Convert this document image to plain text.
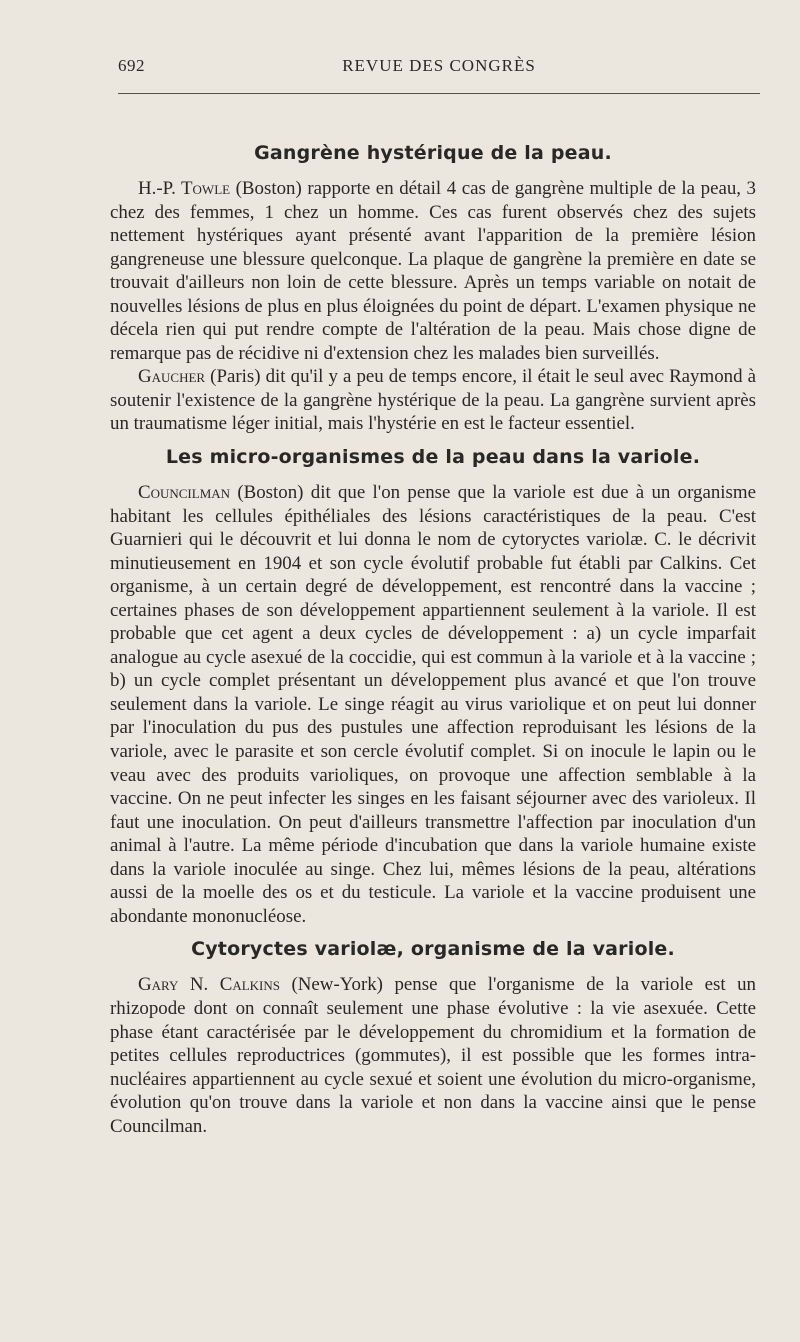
692	REVUE DES CONGRÈS
Gangrène hystérique de la peau.

H.-P. Towle (Boston) rapporte en détail 4 cas de gangrène multiple de la peau, 3 chez des femmes, 1 chez un homme. Ces cas furent observés chez des sujets nettement hystériques ayant présenté avant l'apparition de la première lésion gangreneuse une blessure quelconque. La plaque de gangrène la première en date se trouvait d'ailleurs non loin de cette blessure. Après un temps variable on notait de nouvelles lésions de plus en plus éloignées du point de départ. L'examen physique ne décela rien qui put rendre compte de l'altération de la peau. Mais chose digne de remarque pas de récidive ni d'extension chez les malades bien surveillés.

Gaucher (Paris) dit qu'il y a peu de temps encore, il était le seul avec Raymond à soutenir l'existence de la gangrène hystérique de la peau. La gangrène survient après un traumatisme léger initial, mais l'hystérie en est le facteur essentiel.

Les micro-organismes de la peau dans la variole.

Councilman (Boston) dit que l'on pense que la variole est due à un organisme habitant les cellules épithéliales des lésions caractéristiques de la peau. C'est Guarnieri qui le découvrit et lui donna le nom de cytoryctes variolæ. C. le décrivit minutieusement en 1904 et son cycle évolutif probable fut établi par Calkins. Cet organisme, à un certain degré de développement, est rencontré dans la vaccine ; certaines phases de son développement appartiennent seulement à la variole. Il est probable que cet agent a deux cycles de développement : a) un cycle imparfait analogue au cycle asexué de la coccidie, qui est commun à la variole et à la vaccine ; b) un cycle complet présentant un développement plus avancé et que l'on trouve seulement dans la variole. Le singe réagit au virus variolique et on peut lui donner par l'inoculation du pus des pustules une affection reproduisant les lésions de la variole, avec le parasite et son cercle évolutif complet. Si on inocule le lapin ou le veau avec des produits varioliques, on provoque une affection semblable à la vaccine. On ne peut infecter les singes en les faisant séjourner avec des varioleux. Il faut une inoculation. On peut d'ailleurs transmettre l'affection par inoculation d'un animal à l'autre. La même période d'incubation que dans la variole humaine existe dans la variole inoculée au singe. Chez lui, mêmes lésions de la peau, altérations aussi de la moelle des os et du testicule. La variole et la vaccine produisent une abondante mononucléose.

Cytoryctes variolæ, organisme de la variole.

Gary N. Calkins (New-York) pense que l'organisme de la variole est un rhizopode dont on connaît seulement une phase évolutive : la vie asexuée. Cette phase étant caractérisée par le développement du chromidium et la formation de petites cellules reproductrices (gommutes), il est possible que les formes intra-nucléaires appartiennent au cycle sexué et soient une évolution du micro-organisme, évolution qu'on trouve dans la variole et non dans la vaccine ainsi que le pense Councilman.
